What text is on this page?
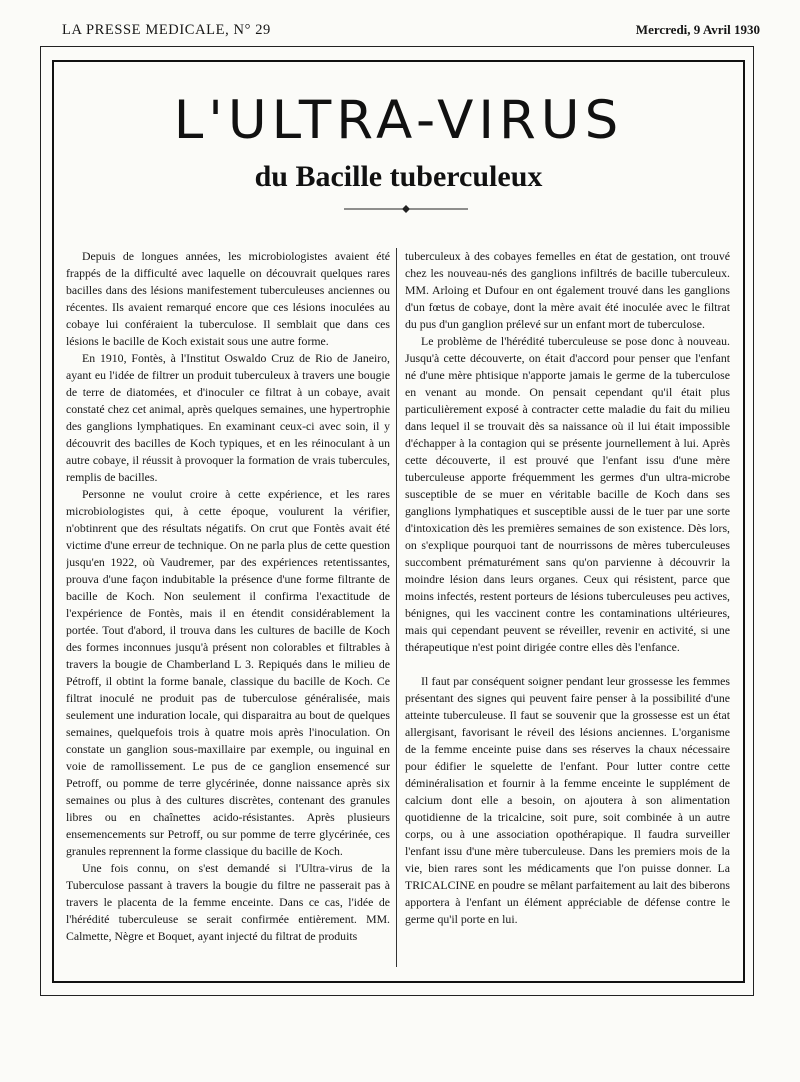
LA PRESSE MEDICALE, N° 29	Mercredi, 9 Avril 1930
L'ULTRA-VIRUS
du Bacille tuberculeux

Depuis de longues années, les microbiologistes avaient été frappés de la difficulté avec laquelle on découvrait quelques rares bacilles dans des lésions manifestement tuberculeuses anciennes ou récentes. Ils avaient remarqué encore que ces lésions inoculées au cobaye lui conféraient la tuberculose. Il semblait que dans ces lésions le bacille de Koch existait sous une autre forme.

En 1910, Fontès, à l'Institut Oswaldo Cruz de Rio de Janeiro, ayant eu l'idée de filtrer un produit tuberculeux à travers une bougie de terre de diatomées, et d'inoculer ce filtrat à un cobaye, avait constaté chez cet animal, après quelques semaines, une hypertrophie des ganglions lymphatiques. En examinant ceux-ci avec soin, il y découvrit des bacilles de Koch typiques, et en les réinoculant à un autre cobaye, il réussit à provoquer la formation de vrais tubercules, remplis de bacilles.

Personne ne voulut croire à cette expérience, et les rares microbiologistes qui, à cette époque, voulurent la vérifier, n'obtinrent que des résultats négatifs. On crut que Fontès avait été victime d'une erreur de technique. On ne parla plus de cette question jusqu'en 1922, où Vaudremer, par des expériences retentissantes, prouva d'une façon indubitable la présence d'une forme filtrante de bacille de Koch. Non seulement il confirma l'exactitude de l'expérience de Fontès, mais il en étendit considérablement la portée. Tout d'abord, il trouva dans les cultures de bacille de Koch des formes inconnues jusqu'à présent non colorables et filtrables à travers la bougie de Chamberland L 3. Repiqués dans le milieu de Pétroff, il obtint la forme banale, classique du bacille de Koch. Ce filtrat inoculé ne produit pas de tuberculose généralisée, mais seulement une induration locale, qui disparaitra au bout de quelques semaines, quelquefois trois à quatre mois après l'inoculation. On constate un ganglion sous-maxillaire par exemple, ou inguinal en voie de ramollissement. Le pus de ce ganglion ensemencé sur Petroff, ou pomme de terre glycérinée, donne naissance après six semaines ou plus à des cultures discrètes, contenant des granules libres ou en chaînettes acido-résistantes. Après plusieurs ensemencements sur Petroff, ou sur pomme de terre glycérinée, ces granules reprennent la forme classique du bacille de Koch.

Une fois connu, on s'est demandé si l'Ultra-virus de la Tuberculose passant à travers la bougie du filtre ne passerait pas à travers le placenta de la femme enceinte. Dans ce cas, l'idée de l'hérédité tuberculeuse se serait confirmée entièrement. MM. Calmette, Nègre et Boquet, ayant injecté du filtrat de produits

tuberculeux à des cobayes femelles en état de gestation, ont trouvé chez les nouveau-nés des ganglions infiltrés de bacille tuberculeux. MM. Arloing et Dufour en ont également trouvé dans les ganglions d'un fœtus de cobaye, dont la mère avait été inoculée avec le filtrat du pus d'un ganglion prélevé sur un enfant mort de tuberculose.

Le problème de l'hérédité tuberculeuse se pose donc à nouveau. Jusqu'à cette découverte, on était d'accord pour penser que l'enfant né d'une mère phtisique n'apporte jamais le germe de la tuberculose en venant au monde. On pensait cependant qu'il était plus particulièrement exposé à contracter cette maladie du fait du milieu dans lequel il se trouvait dès sa naissance où il lui était impossible d'échapper à la contagion qui se présente journellement à lui. Après cette découverte, il est prouvé que l'enfant issu d'une mère tuberculeuse apporte fréquemment les germes d'un ultra-microbe susceptible de se muer en véritable bacille de Koch dans ses ganglions lymphatiques et susceptible aussi de le tuer par une sorte d'intoxication dès les premières semaines de son existence. Dès lors, on s'explique pourquoi tant de nourrissons de mères tuberculeuses succombent prématurément sans qu'on parvienne à découvrir la moindre lésion dans leurs organes. Ceux qui résistent, parce que moins infectés, restent porteurs de lésions tuberculeuses peu actives, bénignes, qui les vaccinent contre les contaminations ultérieures, mais qui cependant peuvent se réveiller, revenir en activité, si une thérapeutique n'est point dirigée contre elles dès l'enfance.

Il faut par conséquent soigner pendant leur grossesse les femmes présentant des signes qui peuvent faire penser à la possibilité d'une atteinte tuberculeuse. Il faut se souvenir que la grossesse est un état allergisant, favorisant le réveil des lésions anciennes. L'organisme de la femme enceinte puise dans ses réserves la chaux nécessaire pour édifier le squelette de l'enfant. Pour lutter contre cette déminéralisation et fournir à la femme enceinte le supplément de calcium dont elle a besoin, on ajoutera à son alimentation quotidienne de la tricalcine, soit pure, soit combinée à un autre corps, ou à une association opothérapique. Il faudra surveiller l'enfant issu d'une mère tuberculeuse. Dans les premiers mois de la vie, bien rares sont les médicaments que l'on puisse donner. La TRICALCINE en poudre se mêlant parfaitement au lait des biberons apportera à l'enfant un élément appréciable de défense contre le germe qu'il porte en lui.
